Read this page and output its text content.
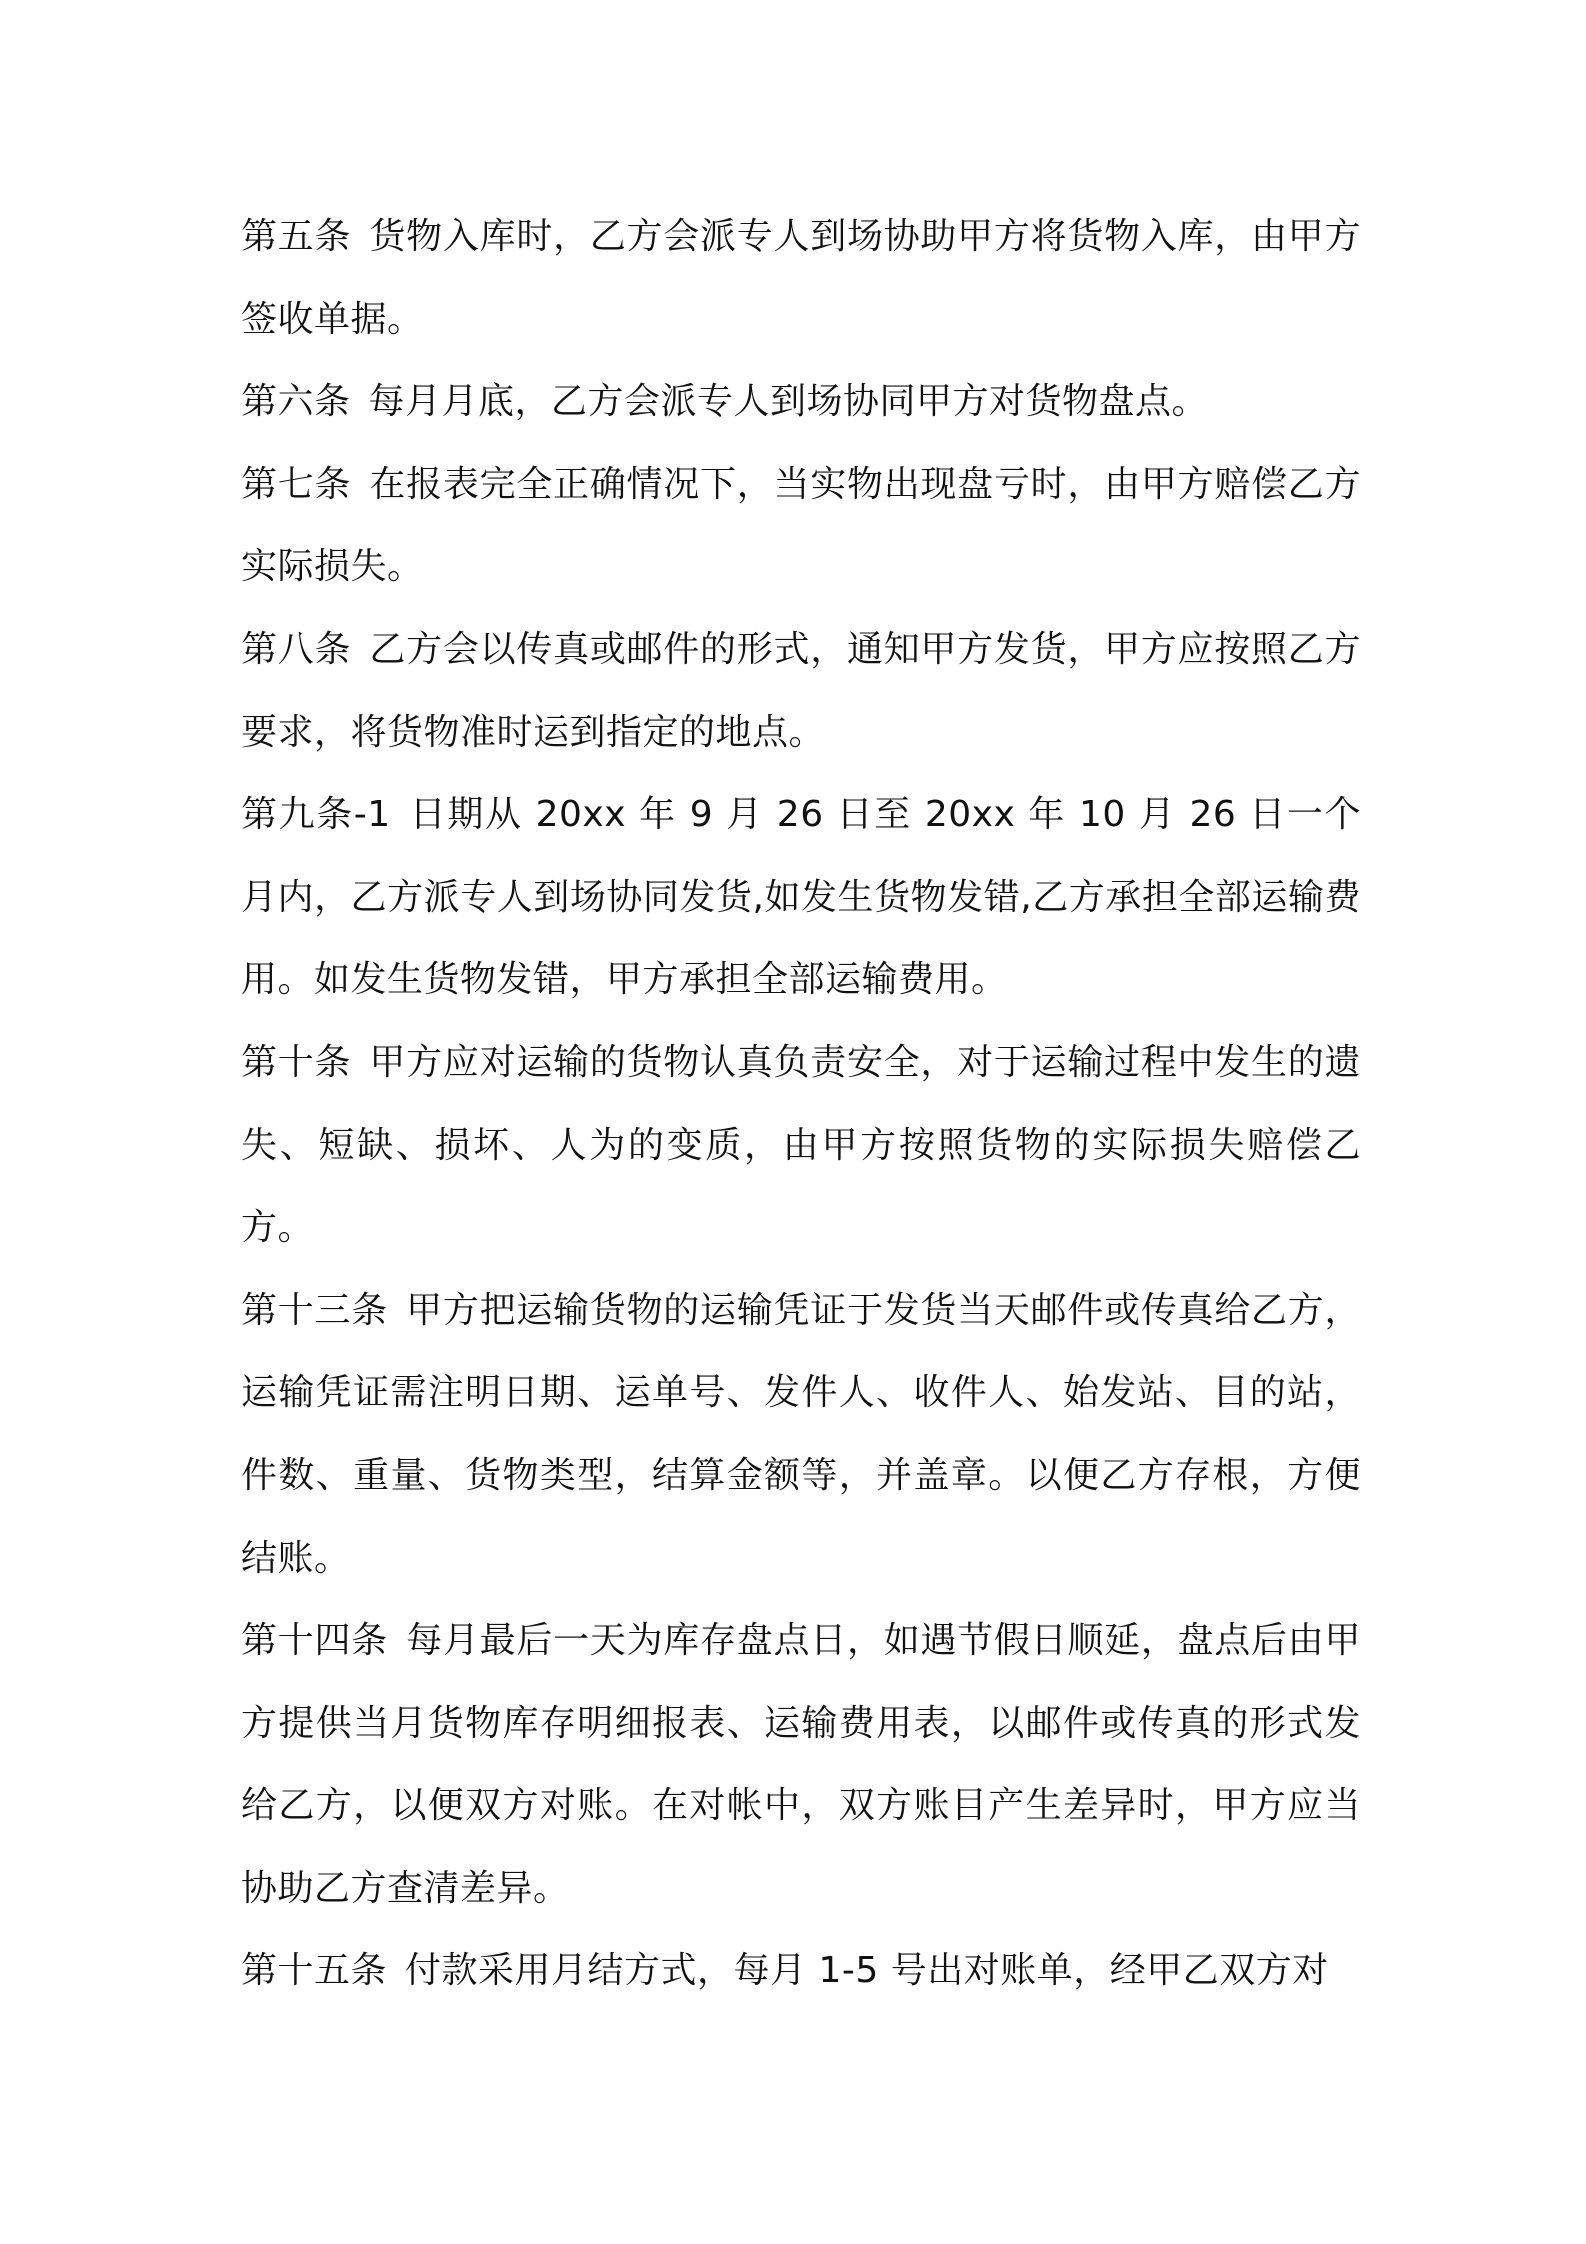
第五条 货物入库时，乙方会派专人到场协助甲方将货物入库，由甲方签收单据。

第六条 每月月底，乙方会派专人到场协同甲方对货物盘点。

第七条 在报表完全正确情况下，当实物出现盘亏时，由甲方赔偿乙方实际损失。

第八条 乙方会以传真或邮件的形式，通知甲方发货，甲方应按照乙方要求，将货物准时运到指定的地点。

第九条-1 日期从 20xx 年 9 月 26 日至 20xx 年 10 月 26 日一个月内，乙方派专人到场协同发货,如发生货物发错,乙方承担全部运输费用。如发生货物发错，甲方承担全部运输费用。

第十条 甲方应对运输的货物认真负责安全，对于运输过程中发生的遗失、短缺、损坏、人为的变质，由甲方按照货物的实际损失赔偿乙方。

第十三条 甲方把运输货物的运输凭证于发货当天邮件或传真给乙方，运输凭证需注明日期、运单号、发件人、收件人、始发站、目的站，件数、重量、货物类型，结算金额等，并盖章。以便乙方存根，方便结账。

第十四条 每月最后一天为库存盘点日，如遇节假日顺延，盘点后由甲方提供当月货物库存明细报表、运输费用表，以邮件或传真的形式发给乙方，以便双方对账。在对帐中，双方账目产生差异时，甲方应当协助乙方查清差异。

第十五条 付款采用月结方式，每月 1-5 号出对账单，经甲乙双方对
